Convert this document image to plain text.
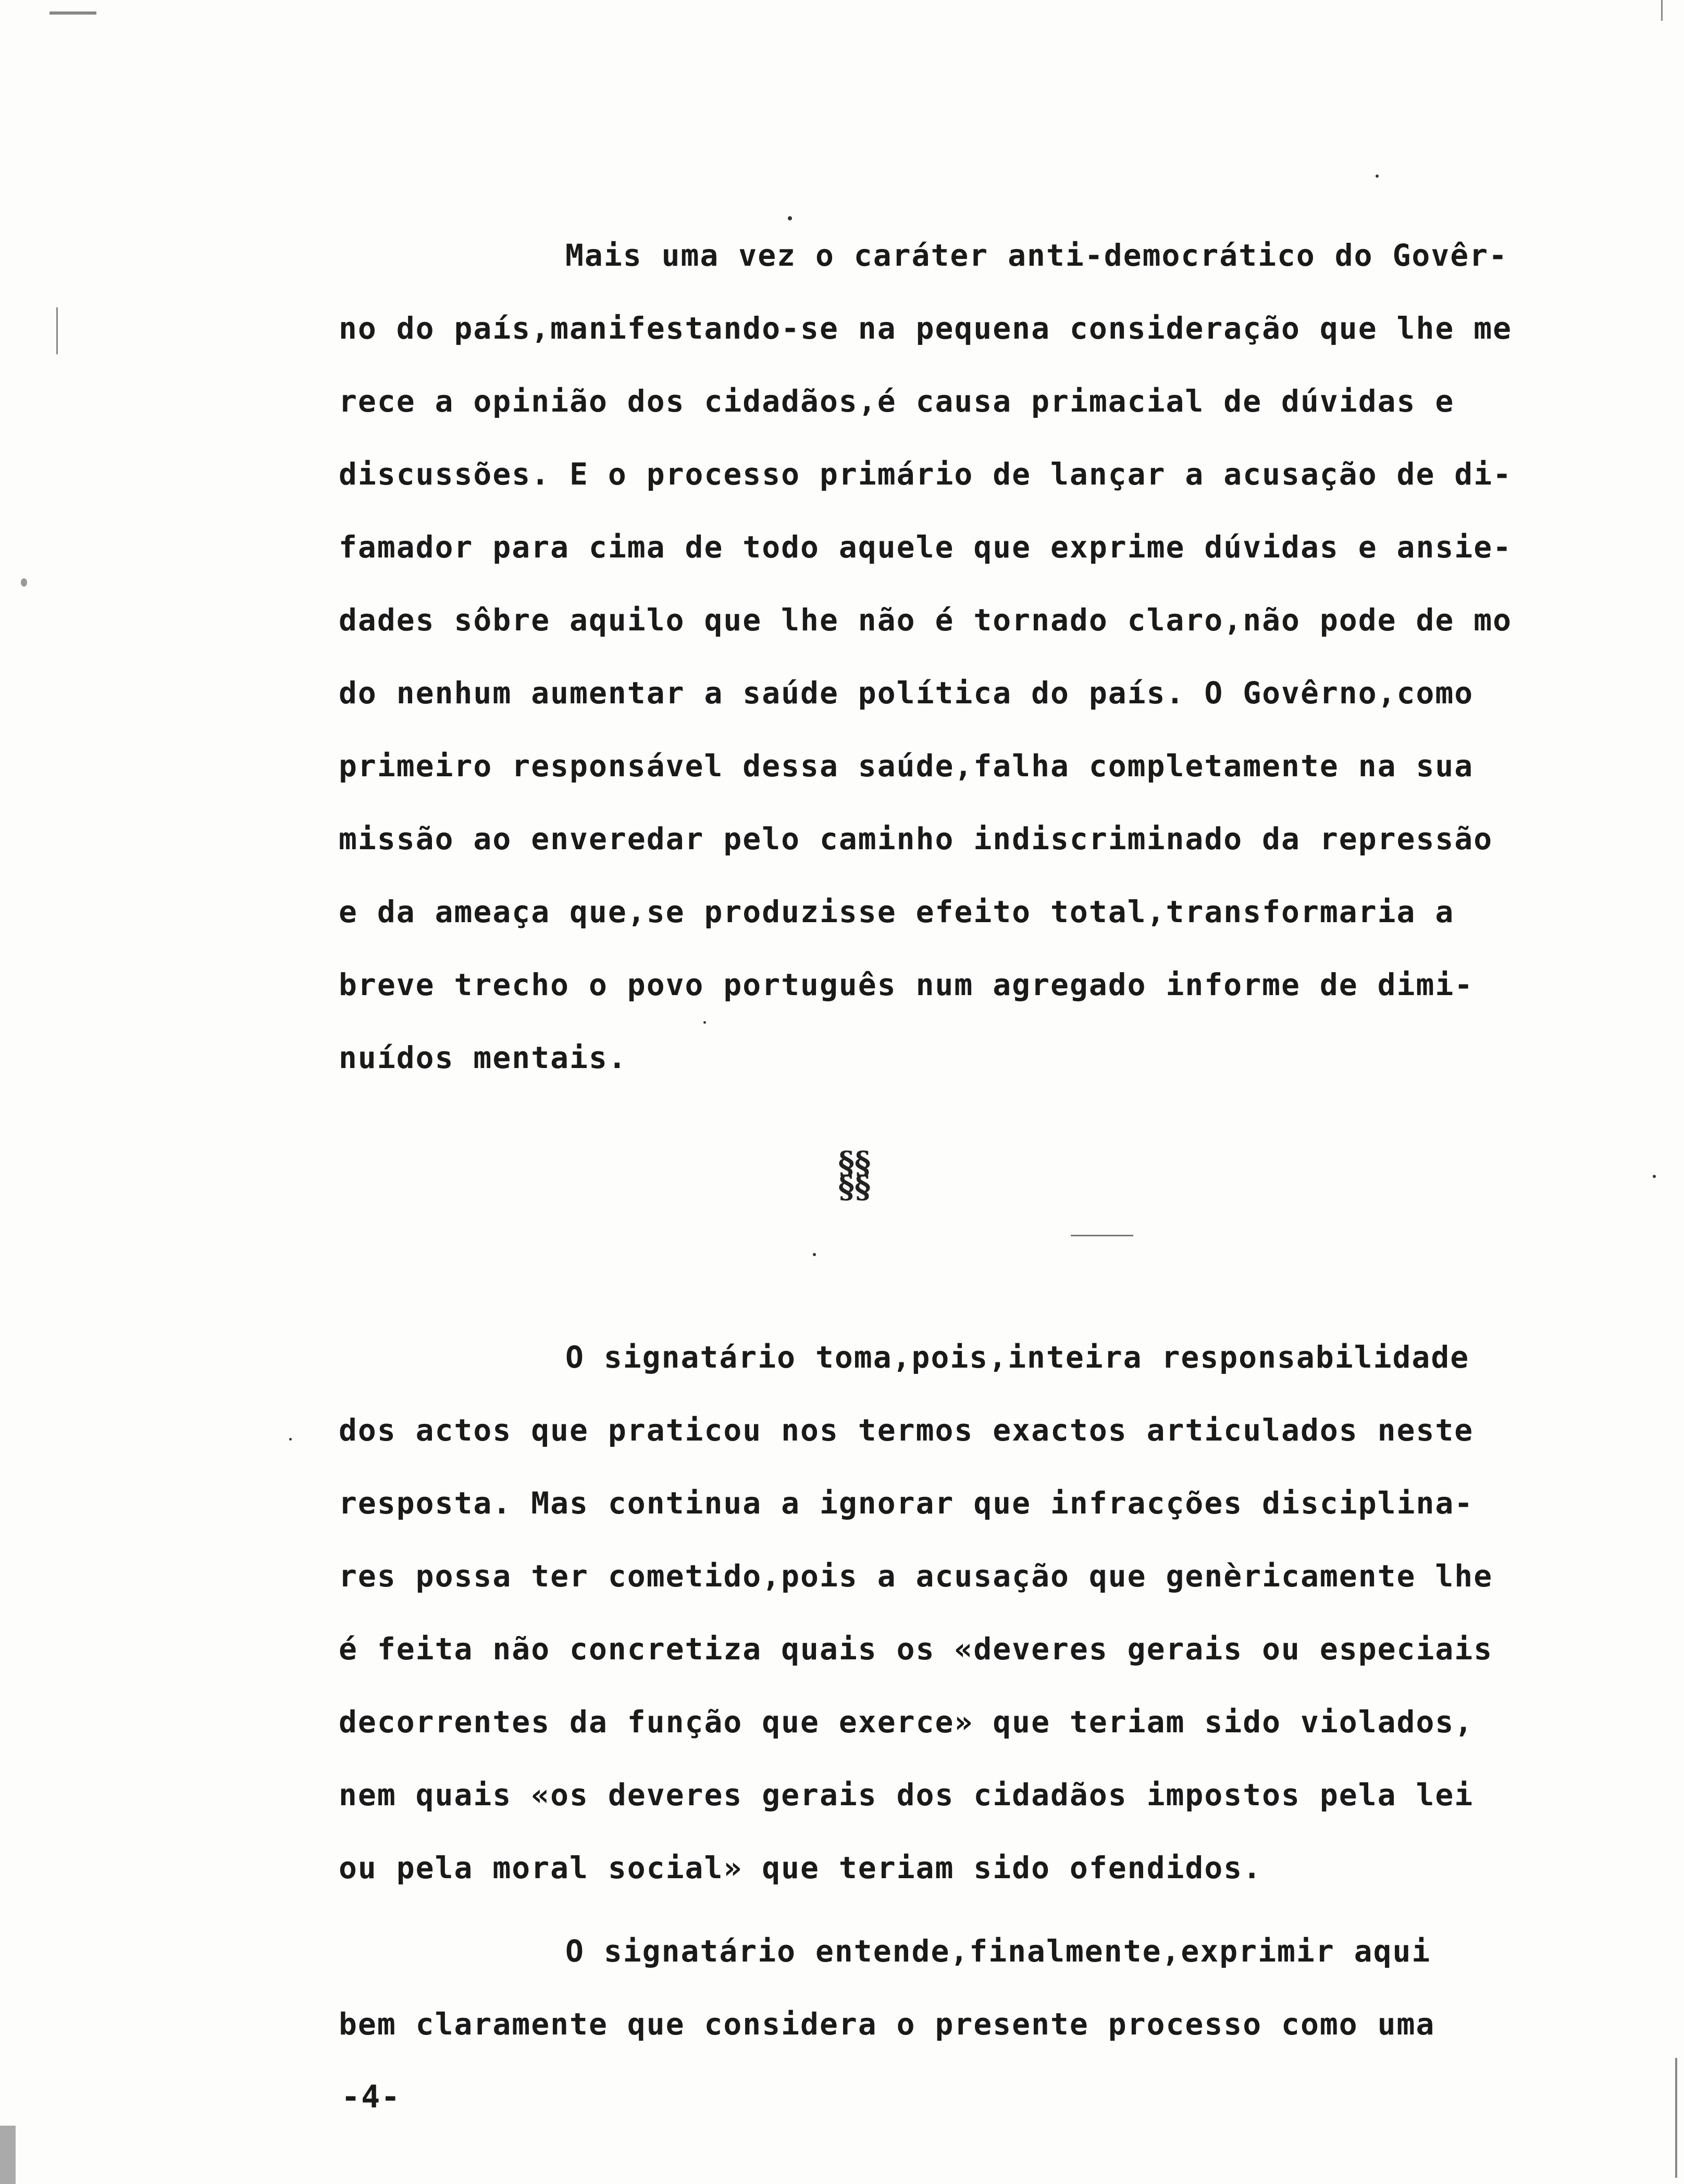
Mais uma vez o caráter anti-democrático do Govêr-
no do país,manifestando-se na pequena consideração que lhe me
rece a opinião dos cidadãos,é causa primacial de dúvidas e
discussões. E o processo primário de lançar a acusação de di-
famador para cima de todo aquele que exprime dúvidas e ansie-
dades sôbre aquilo que lhe não é tornado claro,não pode de mo
do nenhum aumentar a saúde política do país. O Govêrno,como
primeiro responsável dessa saúde,falha completamente na sua
missão ao enveredar pelo caminho indiscriminado da repressão
e da ameaça que,se produzisse efeito total,transformaria a
breve trecho o povo português num agregado informe de dimi-
nuídos mentais.
§§§§
O signatário toma,pois,inteira responsabilidade
dos actos que praticou nos termos exactos articulados neste
resposta. Mas continua a ignorar que infracções disciplina-
res possa ter cometido,pois a acusação que genèricamente lhe
é feita não concretiza quais os «deveres gerais ou especiais
decorrentes da função que exerce» que teriam sido violados,
nem quais «os deveres gerais dos cidadãos impostos pela lei
ou pela moral social» que teriam sido ofendidos.
O signatário entende,finalmente,exprimir aqui
bem claramente que considera o presente processo como uma
-4-
